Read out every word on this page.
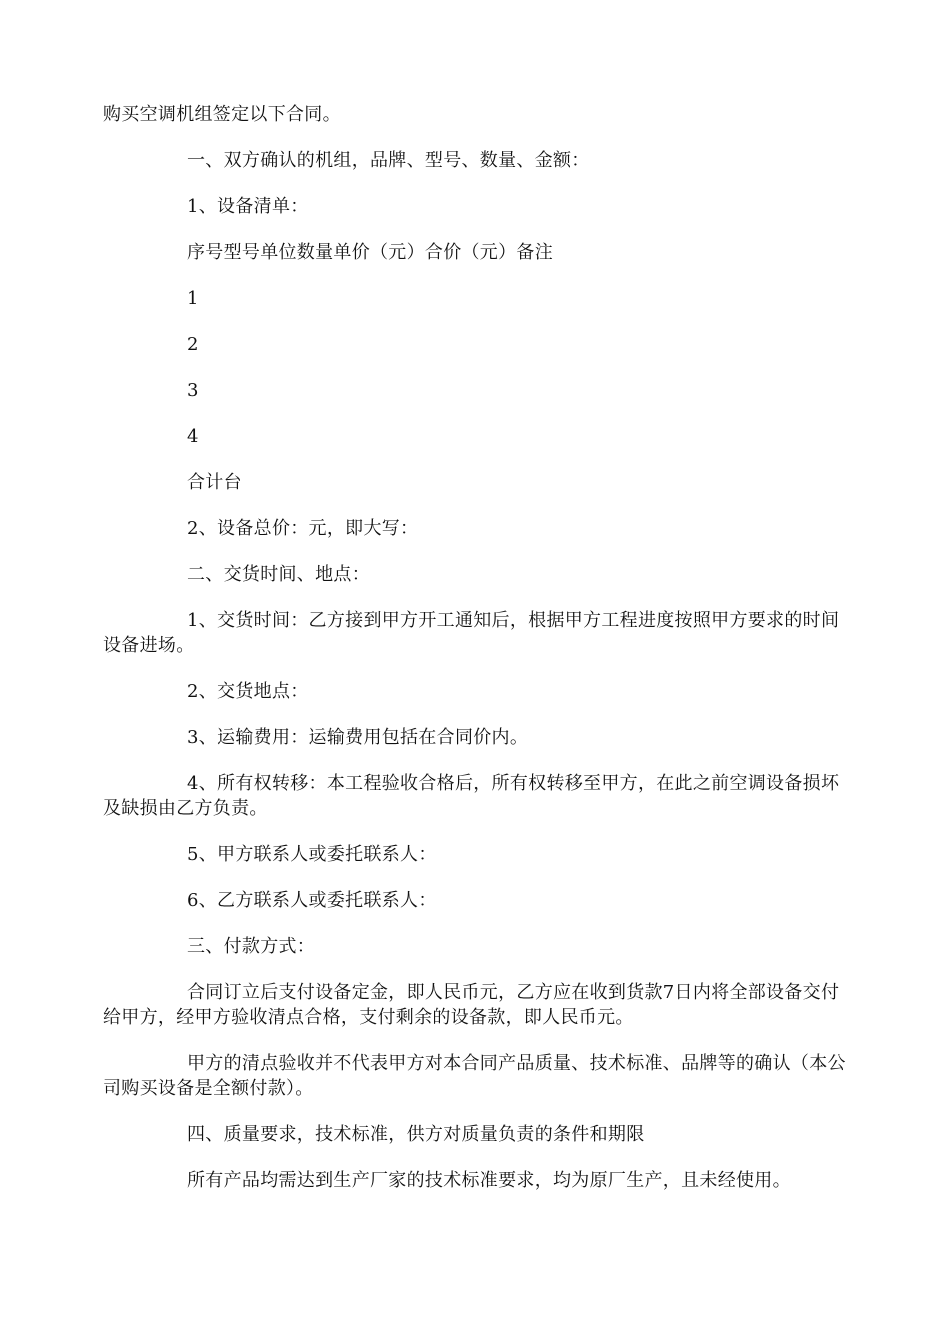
购买空调机组签定以下合同。

一、双方确认的机组，品牌、型号、数量、金额：

1、设备清单：

序号型号单位数量单价（元）合价（元）备注

1

2

3

4

合计台

2、设备总价：元，即大写：

二、交货时间、地点：

1、交货时间：乙方接到甲方开工通知后，根据甲方工程进度按照甲方要求的时间设备进场。

2、交货地点：

3、运输费用：运输费用包括在合同价内。

4、所有权转移：本工程验收合格后，所有权转移至甲方，在此之前空调设备损坏及缺损由乙方负责。

5、甲方联系人或委托联系人：

6、乙方联系人或委托联系人：

三、付款方式：

合同订立后支付设备定金，即人民币元，乙方应在收到货款7日内将全部设备交付给甲方，经甲方验收清点合格，支付剩余的设备款，即人民币元。

甲方的清点验收并不代表甲方对本合同产品质量、技术标准、品牌等的确认（本公司购买设备是全额付款）。

四、质量要求，技术标准，供方对质量负责的条件和期限

所有产品均需达到生产厂家的技术标准要求，均为原厂生产，且未经使用。
